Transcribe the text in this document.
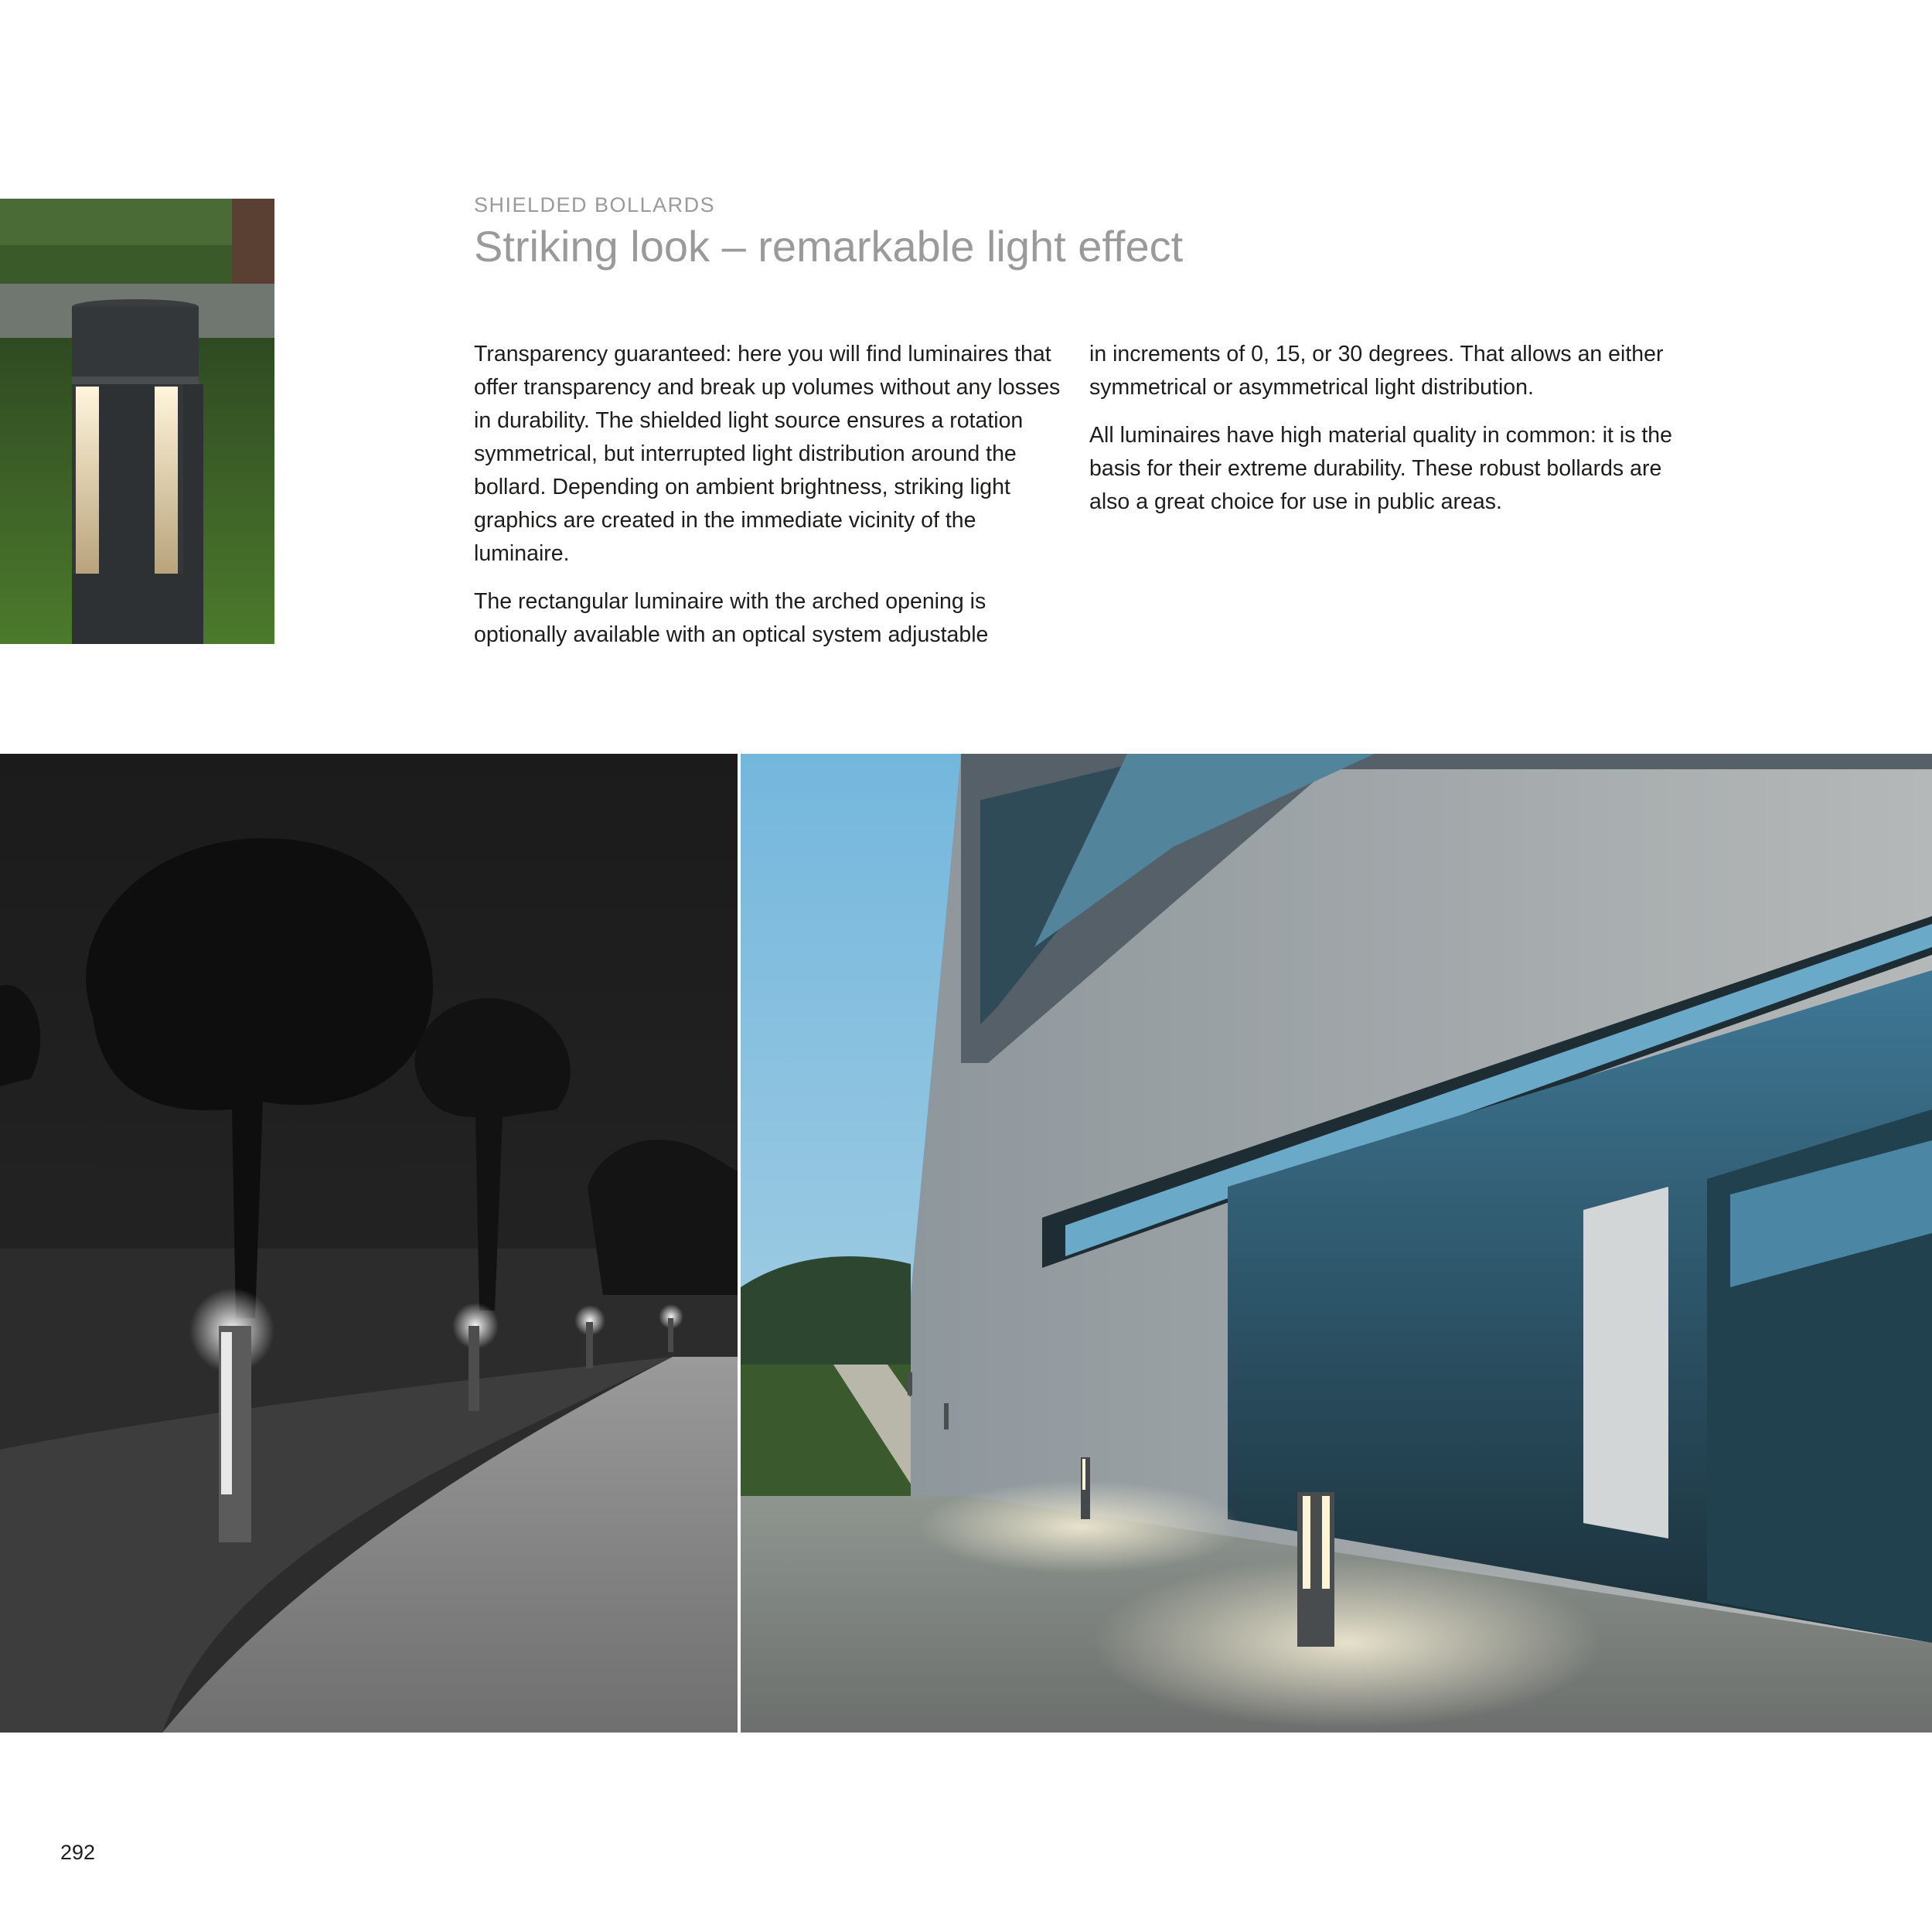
SHIELDED BOLLARDS
Striking look – remarkable light effect

Transparency guaranteed: here you will find luminaires that offer transparency and break up volumes without any losses in durability. The shielded light source ensures a rotation symmetrical, but interrupted light distribution around the bollard. Depending on ambient brightness, striking light graphics are created in the immediate vicinity of the luminaire.

The rectangular luminaire with the arched opening is optionally available with an optical system adjustable

in increments of 0, 15, or 30 degrees. That allows an either symmetrical or asymmetrical light distribution.

All luminaires have high material quality in common: it is the basis for their extreme durability. These robust bollards are also a great choice for use in public areas.

292
